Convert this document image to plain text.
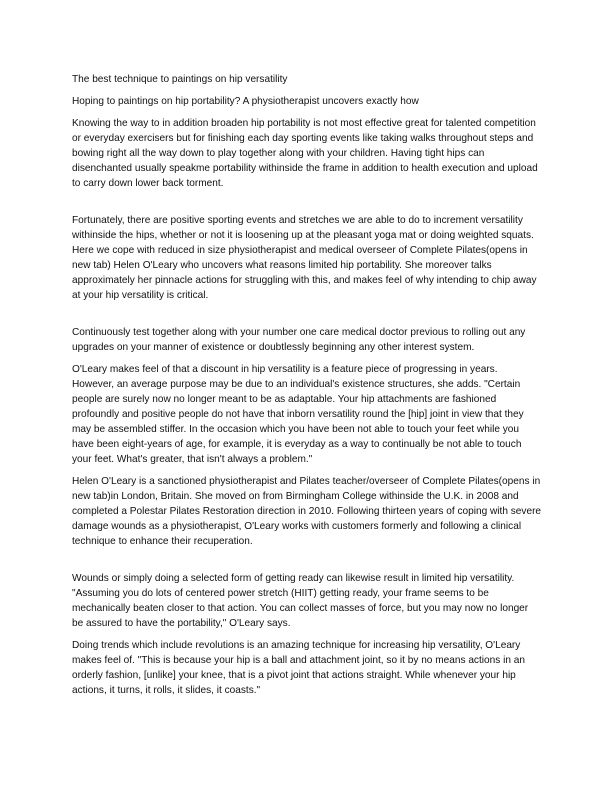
The best technique to paintings on hip versatility

Hoping to paintings on hip portability? A physiotherapist uncovers exactly how

Knowing the way to in addition broaden hip portability is not most effective great for talented competition or everyday exercisers but for finishing each day sporting events like taking walks throughout steps and bowing right all the way down to play together along with your children. Having tight hips can disenchanted usually speakme portability withinside the frame in addition to health execution and upload to carry down lower back torment.

Fortunately, there are positive sporting events and stretches we are able to do to increment versatility withinside the hips, whether or not it is loosening up at the pleasant yoga mat or doing weighted squats. Here we cope with reduced in size physiotherapist and medical overseer of Complete Pilates(opens in new tab) Helen O'Leary who uncovers what reasons limited hip portability. She moreover talks approximately her pinnacle actions for struggling with this, and makes feel of why intending to chip away at your hip versatility is critical.

Continuously test together along with your number one care medical doctor previous to rolling out any upgrades on your manner of existence or doubtlessly beginning any other interest system.

O'Leary makes feel of that a discount in hip versatility is a feature piece of progressing in years. However, an average purpose may be due to an individual's existence structures, she adds. "Certain people are surely now no longer meant to be as adaptable. Your hip attachments are fashioned profoundly and positive people do not have that inborn versatility round the [hip] joint in view that they may be assembled stiffer. In the occasion which you have been not able to touch your feet while you have been eight-years of age, for example, it is everyday as a way to continually be not able to touch your feet. What's greater, that isn't always a problem."

Helen O'Leary is a sanctioned physiotherapist and Pilates teacher/overseer of Complete Pilates(opens in new tab)in London, Britain. She moved on from Birmingham College withinside the U.K. in 2008 and completed a Polestar Pilates Restoration direction in 2010. Following thirteen years of coping with severe damage wounds as a physiotherapist, O'Leary works with customers formerly and following a clinical technique to enhance their recuperation.

Wounds or simply doing a selected form of getting ready can likewise result in limited hip versatility. "Assuming you do lots of centered power stretch (HIIT) getting ready, your frame seems to be mechanically beaten closer to that action. You can collect masses of force, but you may now no longer be assured to have the portability," O'Leary says.

Doing trends which include revolutions is an amazing technique for increasing hip versatility, O'Leary makes feel of. "This is because your hip is a ball and attachment joint, so it by no means actions in an orderly fashion, [unlike] your knee, that is a pivot joint that actions straight. While whenever your hip actions, it turns, it rolls, it slides, it coasts."
